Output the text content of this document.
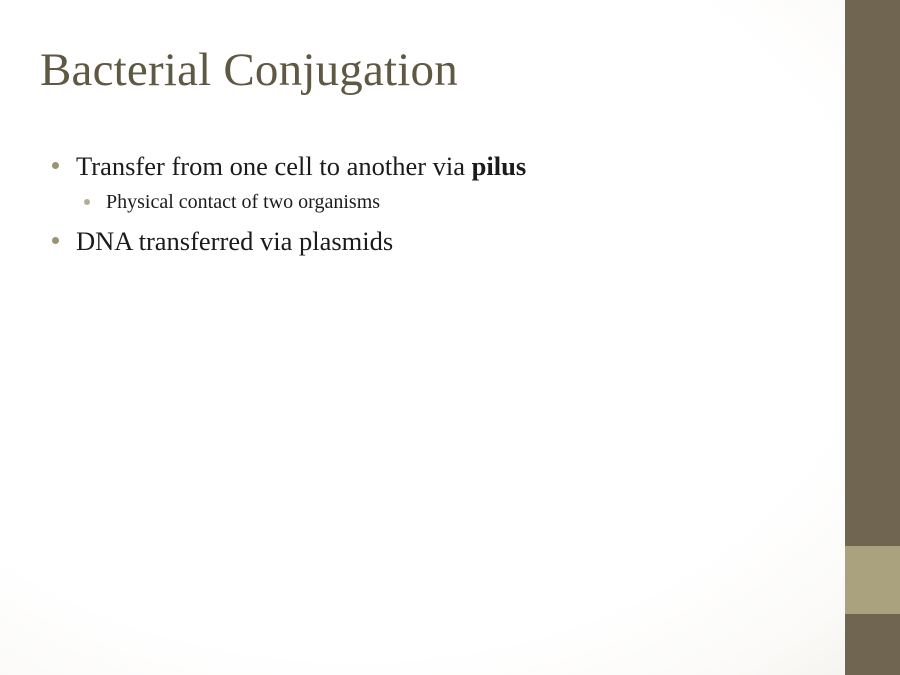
Bacterial Conjugation

Transfer from one cell to another via pilus

Physical contact of two organisms

DNA transferred via plasmids
